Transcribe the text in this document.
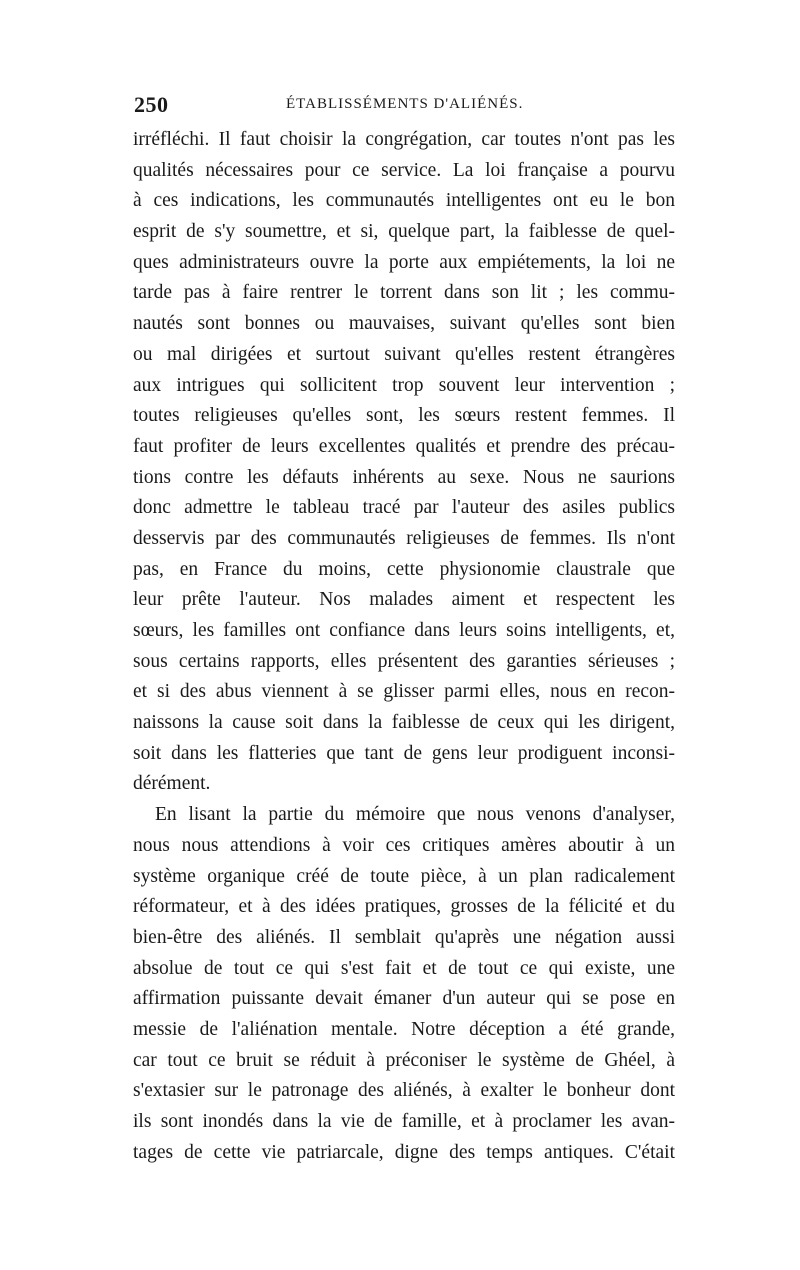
250	ÉTABLISSÉMENTS D'ALIÉNÉS.
irréfléchi. Il faut choisir la congrégation, car toutes n'ont pas les
qualités nécessaires pour ce service. La loi française a pourvu
à ces indications, les communautés intelligentes ont eu le bon
esprit de s'y soumettre, et si, quelque part, la faiblesse de quel-
ques administrateurs ouvre la porte aux empiétements, la loi ne
tarde pas à faire rentrer le torrent dans son lit ; les commu-
nautés sont bonnes ou mauvaises, suivant qu'elles sont bien
ou mal dirigées et surtout suivant qu'elles restent étrangères
aux intrigues qui sollicitent trop souvent leur intervention ;
toutes religieuses qu'elles sont, les sœurs restent femmes. Il
faut profiter de leurs excellentes qualités et prendre des précau-
tions contre les défauts inhérents au sexe. Nous ne saurions
donc admettre le tableau tracé par l'auteur des asiles publics
desservis par des communautés religieuses de femmes. Ils n'ont
pas, en France du moins, cette physionomie claustrale que
leur prête l'auteur. Nos malades aiment et respectent les
sœurs, les familles ont confiance dans leurs soins intelligents, et,
sous certains rapports, elles présentent des garanties sérieuses ;
et si des abus viennent à se glisser parmi elles, nous en recon-
naissons la cause soit dans la faiblesse de ceux qui les dirigent,
soit dans les flatteries que tant de gens leur prodiguent inconsi-
dérément.
En lisant la partie du mémoire que nous venons d'analyser,
nous nous attendions à voir ces critiques amères aboutir à un
système organique créé de toute pièce, à un plan radicalement
réformateur, et à des idées pratiques, grosses de la félicité et du
bien-être des aliénés. Il semblait qu'après une négation aussi
absolue de tout ce qui s'est fait et de tout ce qui existe, une
affirmation puissante devait émaner d'un auteur qui se pose en
messie de l'aliénation mentale. Notre déception a été grande,
car tout ce bruit se réduit à préconiser le système de Ghéel, à
s'extasier sur le patronage des aliénés, à exalter le bonheur dont
ils sont inondés dans la vie de famille, et à proclamer les avan-
tages de cette vie patriarcale, digne des temps antiques. C'était
